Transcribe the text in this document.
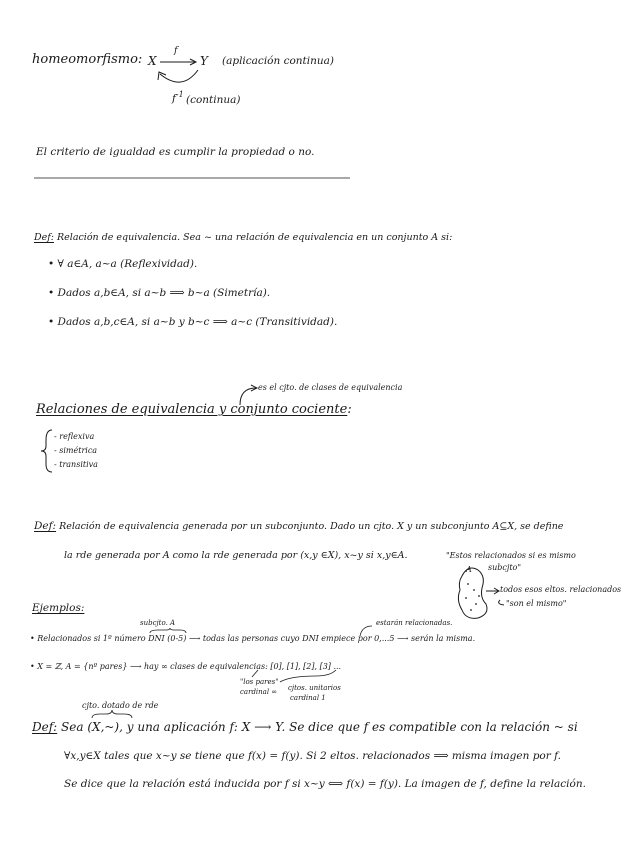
homeomorfismo: X
f
Y (aplicación continua)
$f^{-1}$ (continua)
El criterio de igualdad es cumplir la propiedad o no.
Def: Relación de equivalencia. Sea ~ una relación de equivalencia en un conjunto A si:
• ∀ a∈A, a~a (Reflexividad).
• Dados a,b∈A, si a~b ⟹ b~a (Simetría).
• Dados a,b,c∈A, si a~b y b~c ⟹ a~c (Transitividad).
es el cjto. de clases de equivalencia
Relaciones de equivalencia y conjunto cociente:
- reflexiva
- simétrica
- transitiva
Def: Relación de equivalencia generada por un subconjunto. Dado un cjto. X y un subconjunto A⊆X, se define
la rde generada por A como la rde generada por (x,y ∈X), x~y si x,y∈A.	"Estos relacionados si es mismo
subcjto"
A
todos esos eltos. relacionados
"son el mismo"
Ejemplos:
subcjto. A	estarán relacionadas.
• Relacionados si 1º número DNI (0-5) ⟶ todas las personas cuyo DNI empiece por 0,...5 ⟶ serán la misma.
• X = ℤ, A = {nº pares} ⟶ hay ∞ clases de equivalencias: [0], [1], [2], [3] ...
"los pares"
cardinal ∞ cjtos. unitarios
cardinal 1
cjto. dotado de rde
Def: Sea (X,~), y una aplicación f: X ⟶ Y. Se dice que f es compatible con la relación ~ si
∀x,y∈X tales que x~y se tiene que f(x) = f(y). Si 2 eltos. relacionados ⟹ misma imagen por f.
Se dice que la relación está inducida por f si x~y ⟺ f(x) = f(y). La imagen de f, define la relación.
